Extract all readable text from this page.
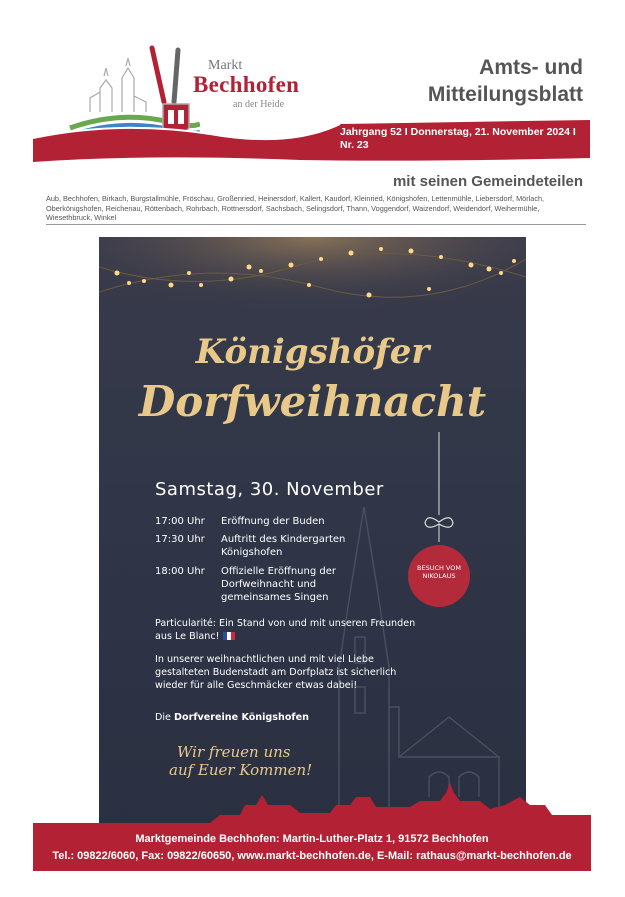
Markt
Bechhofen
an der Heide
Amts- und
Mitteilungsblatt
Jahrgang 52 I Donnerstag, 21. November 2024 I
Nr. 23
mit seinen Gemeindeteilen
Aub, Bechhofen, Birkach, Burgstallmühle, Fröschau, Großenried, Heinersdorf, Kallert, Kaudorf, Kleinried, Königshofen, Lettenmühle, Liebersdorf, Mörlach, Oberkönigshofen, Reichenau, Röttenbach, Rohrbach, Rottnersdorf, Sachsbach, Selingsdorf, Thann, Voggendorf, Waizendorf, Weidendorf, Weihermühle, Wiesethbruck, Winkel
Königshöfer
Dorfweihnacht
Samstag, 30. November
17:00 Uhr Eröffnung der Buden
17:30 Uhr Auftritt des Kindergarten Königshofen
18:00 Uhr Offizielle Eröffnung der Dorfweihnacht und gemeinsames Singen
BESUCH VOM NIKOLAUS
Particularité: Ein Stand von und mit unseren Freunden aus Le Blanc!
In unserer weihnachtlichen und mit viel Liebe gestalteten Budenstadt am Dorfplatz ist sicherlich wieder für alle Geschmäcker etwas dabei!
Die Dorfvereine Königshofen
Wir freuen uns
auf Euer Kommen!
Marktgemeinde Bechhofen: Martin-Luther-Platz 1, 91572 Bechhofen
Tel.: 09822/6060, Fax: 09822/60650, www.markt-bechhofen.de, E-Mail: rathaus@markt-bechhofen.de
